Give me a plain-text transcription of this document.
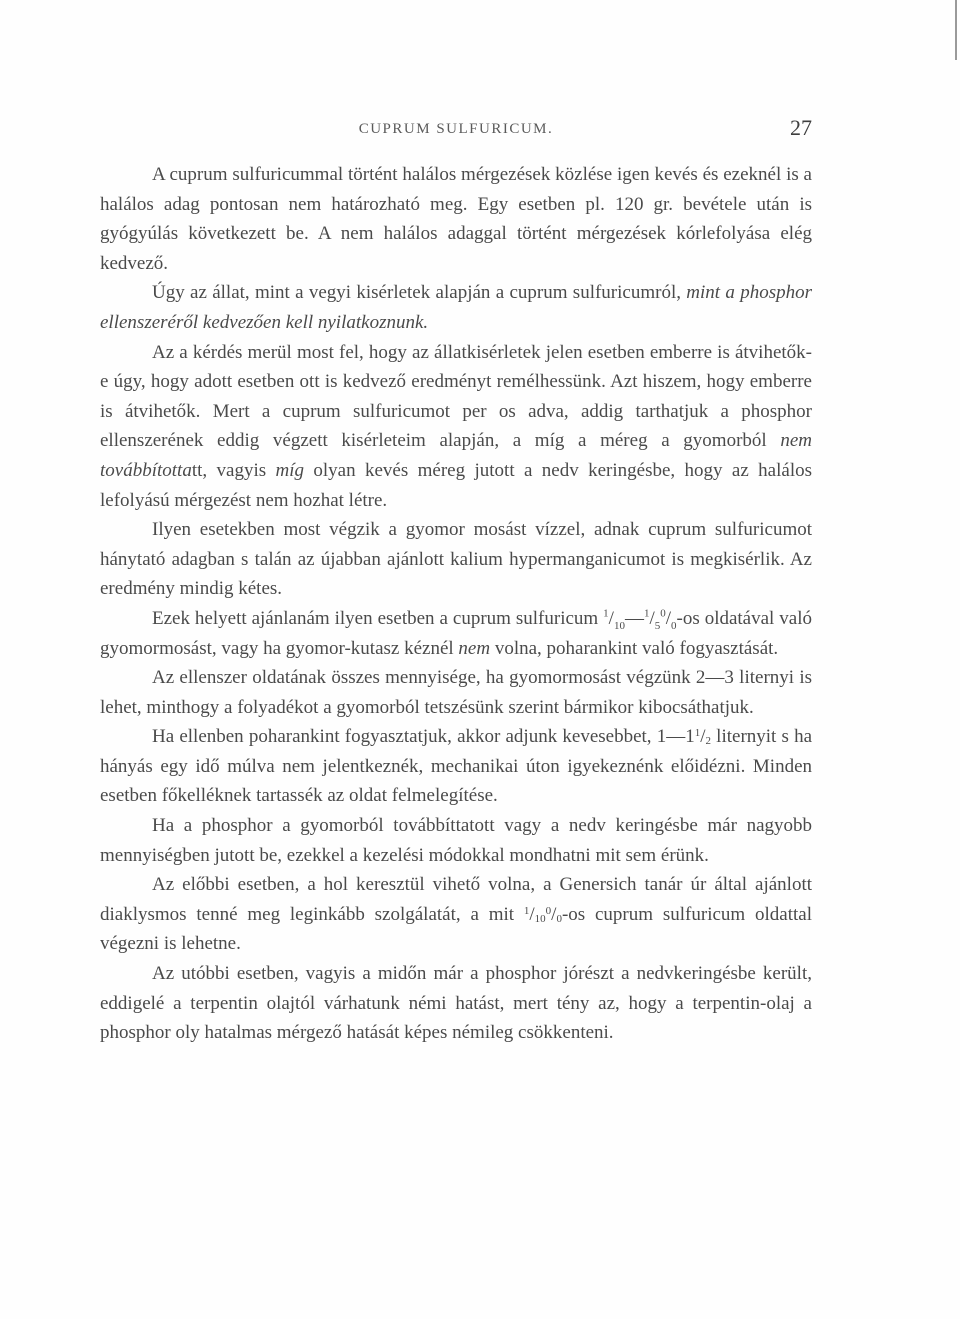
CUPRUM SULFURICUM.	27

A cuprum sulfuricummal történt halálos mérgezések közlése igen kevés és ezeknél is a halálos adag pontosan nem határozható meg. Egy esetben pl. 120 gr. bevétele után is gyógyúlás következett be. A nem halálos adaggal történt mérgezések kórlefolyása elég kedvező.

Úgy az állat, mint a vegyi kisérletek alapján a cuprum sulfuricumról, mint a phosphor ellenszeréről kedvezően kell nyilatkoznunk.

Az a kérdés merül most fel, hogy az állatkisérletek jelen esetben emberre is átvihetők-e úgy, hogy adott esetben ott is kedvező eredményt remélhessünk. Azt hiszem, hogy emberre is átvihetők. Mert a cuprum sulfuricumot per os adva, addig tarthatjuk a phosphor ellenszerének eddig végzett kisérleteim alapján, a míg a méreg a gyomorból nem továbbítottatt, vagyis míg olyan kevés méreg jutott a nedv keringésbe, hogy az halálos lefolyású mérgezést nem hozhat létre.

Ilyen esetekben most végzik a gyomor mosást vízzel, adnak cuprum sulfuricumot hánytató adagban s talán az újabban ajánlott kalium hypermanganicumot is megkisérlik. Az eredmény mindig kétes.

Ezek helyett ajánlanám ilyen esetben a cuprum sulfuricum $^1/_{10}—^1/_5^0/_0-os$ oldatával való gyomormosást, vagy ha gyomor-kutasz kéznél nem volna, poharankint való fogyasztását.

Az ellenszer oldatának összes mennyisége, ha gyomormosást végzünk 2—3 liternyi is lehet, minthogy a folyadékot a gyomorból tetszésünk szerint bármikor kibocsáthatjuk.

Ha ellenben poharankint fogyasztatjuk, akkor adjunk kevesebbet, $1—1^1/_2$ liternyit s ha hányás egy idő múlva nem jelentkeznék, mechanikai úton igyekeznénk előidézni. Minden esetben főkelléknek tartassék az oldat felmelegítése.

Ha a phosphor a gyomorból továbbíttatott vagy a nedv keringésbe már nagyobb mennyiségben jutott be, ezekkel a kezelési módokkal mondhatni mit sem érünk.

Az előbbi esetben, a hol keresztül vihető volna, a Genersich tanár úr által ajánlott diaklysmos tenné meg leginkább szolgálatát, a mit $^1/_{10}^0/_0-os$ cuprum sulfuricum oldattal végezni is lehetne.

Az utóbbi esetben, vagyis a midőn már a phosphor jórészt a nedvkeringésbe került, eddigelé a terpentin olajtól várhatunk némi hatást, mert tény az, hogy a terpentin-olaj a phosphor oly hatalmas mérgező hatását képes némileg csökkenteni.
